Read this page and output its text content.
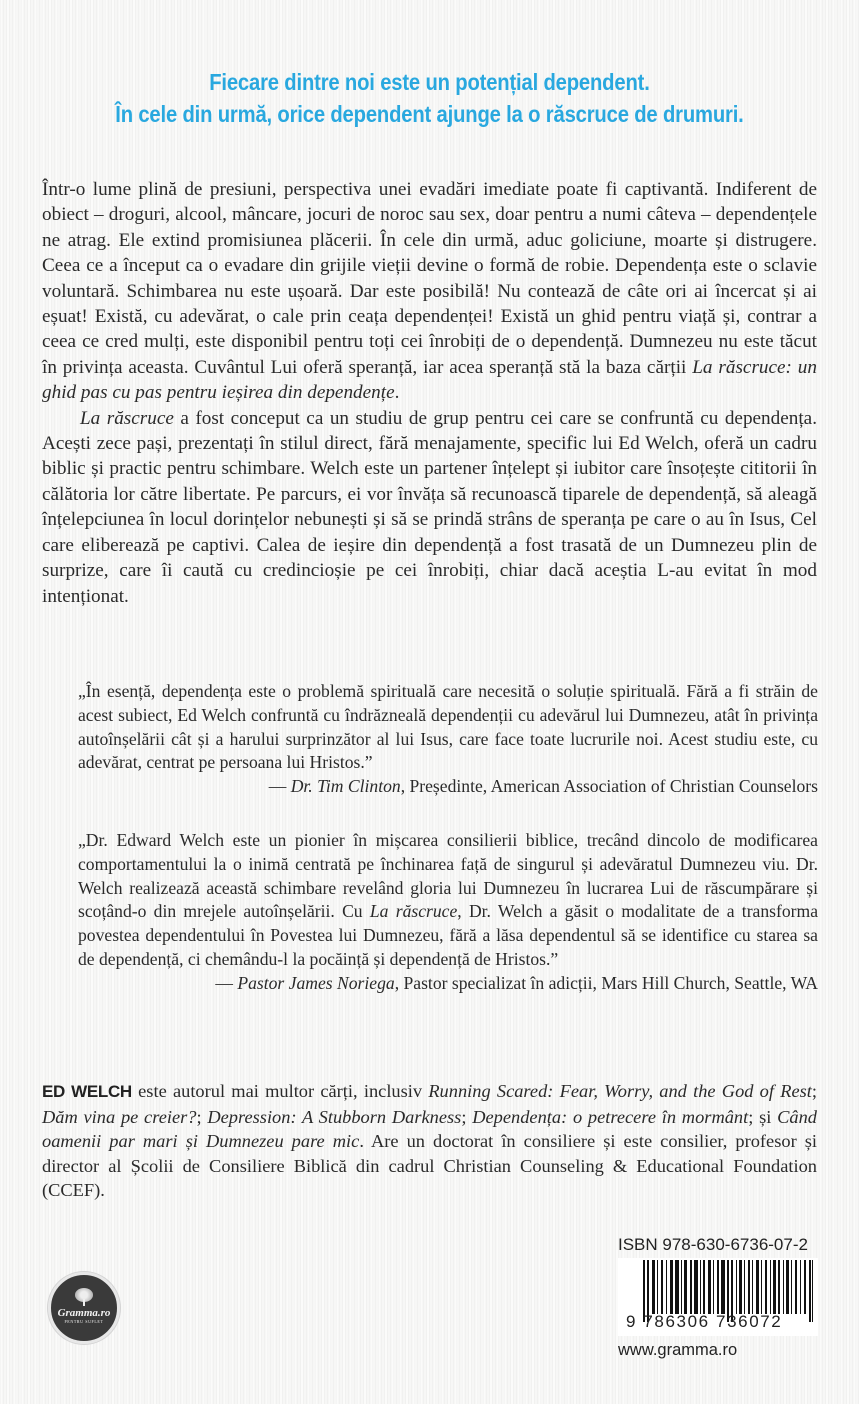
Fiecare dintre noi este un potențial dependent.
În cele din urmă, orice dependent ajunge la o răscruce de drumuri.

Într-o lume plină de presiuni, perspectiva unei evadări imediate poate fi captivantă. Indiferent de obiect – droguri, alcool, mâncare, jocuri de noroc sau sex, doar pentru a numi câteva – dependențele ne atrag. Ele extind promisiunea plăcerii. În cele din urmă, aduc goliciune, moarte și distrugere. Ceea ce a început ca o evadare din grijile vieții devine o formă de robie. Dependența este o sclavie voluntară. Schimbarea nu este ușoară. Dar este posibilă! Nu contează de câte ori ai încercat și ai eșuat! Există, cu adevărat, o cale prin ceața dependenței! Există un ghid pentru viață și, contrar a ceea ce cred mulți, este disponibil pentru toți cei înrobiți de o dependență. Dumnezeu nu este tăcut în privința aceasta. Cuvântul Lui oferă speranță, iar acea speranță stă la baza cărții La răscruce: un ghid pas cu pas pentru ieșirea din dependențe.

La răscruce a fost conceput ca un studiu de grup pentru cei care se confruntă cu dependența. Acești zece pași, prezentați în stilul direct, fără menajamente, specific lui Ed Welch, oferă un cadru biblic și practic pentru schimbare. Welch este un partener înțelept și iubitor care însoțește cititorii în călătoria lor către libertate. Pe parcurs, ei vor învăța să recunoască tiparele de dependență, să aleagă înțelepciunea în locul dorințelor nebunești și să se prindă strâns de speranța pe care o au în Isus, Cel care eliberează pe captivi. Calea de ieșire din dependență a fost trasată de un Dumnezeu plin de surprize, care îi caută cu credincioșie pe cei înrobiți, chiar dacă aceștia L-au evitat în mod intenționat.

„În esență, dependența este o problemă spirituală care necesită o soluție spirituală. Fără a fi străin de acest subiect, Ed Welch confruntă cu îndrăzneală dependenții cu adevărul lui Dumnezeu, atât în privința autoînșelării cât și a harului surprinzător al lui Isus, care face toate lucrurile noi. Acest studiu este, cu adevărat, centrat pe persoana lui Hristos.”

— Dr. Tim Clinton, Președinte, American Association of Christian Counselors

„Dr. Edward Welch este un pionier în mișcarea consilierii biblice, trecând dincolo de modificarea comportamentului la o inimă centrată pe închinarea față de singurul și adevăratul Dumnezeu viu. Dr. Welch realizează această schimbare revelând gloria lui Dumnezeu în lucrarea Lui de răscumpărare și scoțând-o din mrejele autoînșelării. Cu La răscruce, Dr. Welch a găsit o modalitate de a transforma povestea dependentului în Povestea lui Dumnezeu, fără a lăsa dependentul să se identifice cu starea sa de dependență, ci chemându-l la pocăință și dependență de Hristos.”

— Pastor James Noriega, Pastor specializat în adicții, Mars Hill Church, Seattle, WA

ED WELCH este autorul mai multor cărți, inclusiv Running Scared: Fear, Worry, and the God of Rest; Dăm vina pe creier?; Depression: A Stubborn Darkness; Dependența: o petrecere în mormânt; și Când oamenii par mari și Dumnezeu pare mic. Are un doctorat în consiliere și este consilier, profesor și director al Școlii de Consiliere Biblică din cadrul Christian Counseling & Educational Foundation (CCEF).
Gramma.ro
PENTRU SUFLET
ISBN 978-630-6736-07-2
9 786306 736072
www.gramma.ro
